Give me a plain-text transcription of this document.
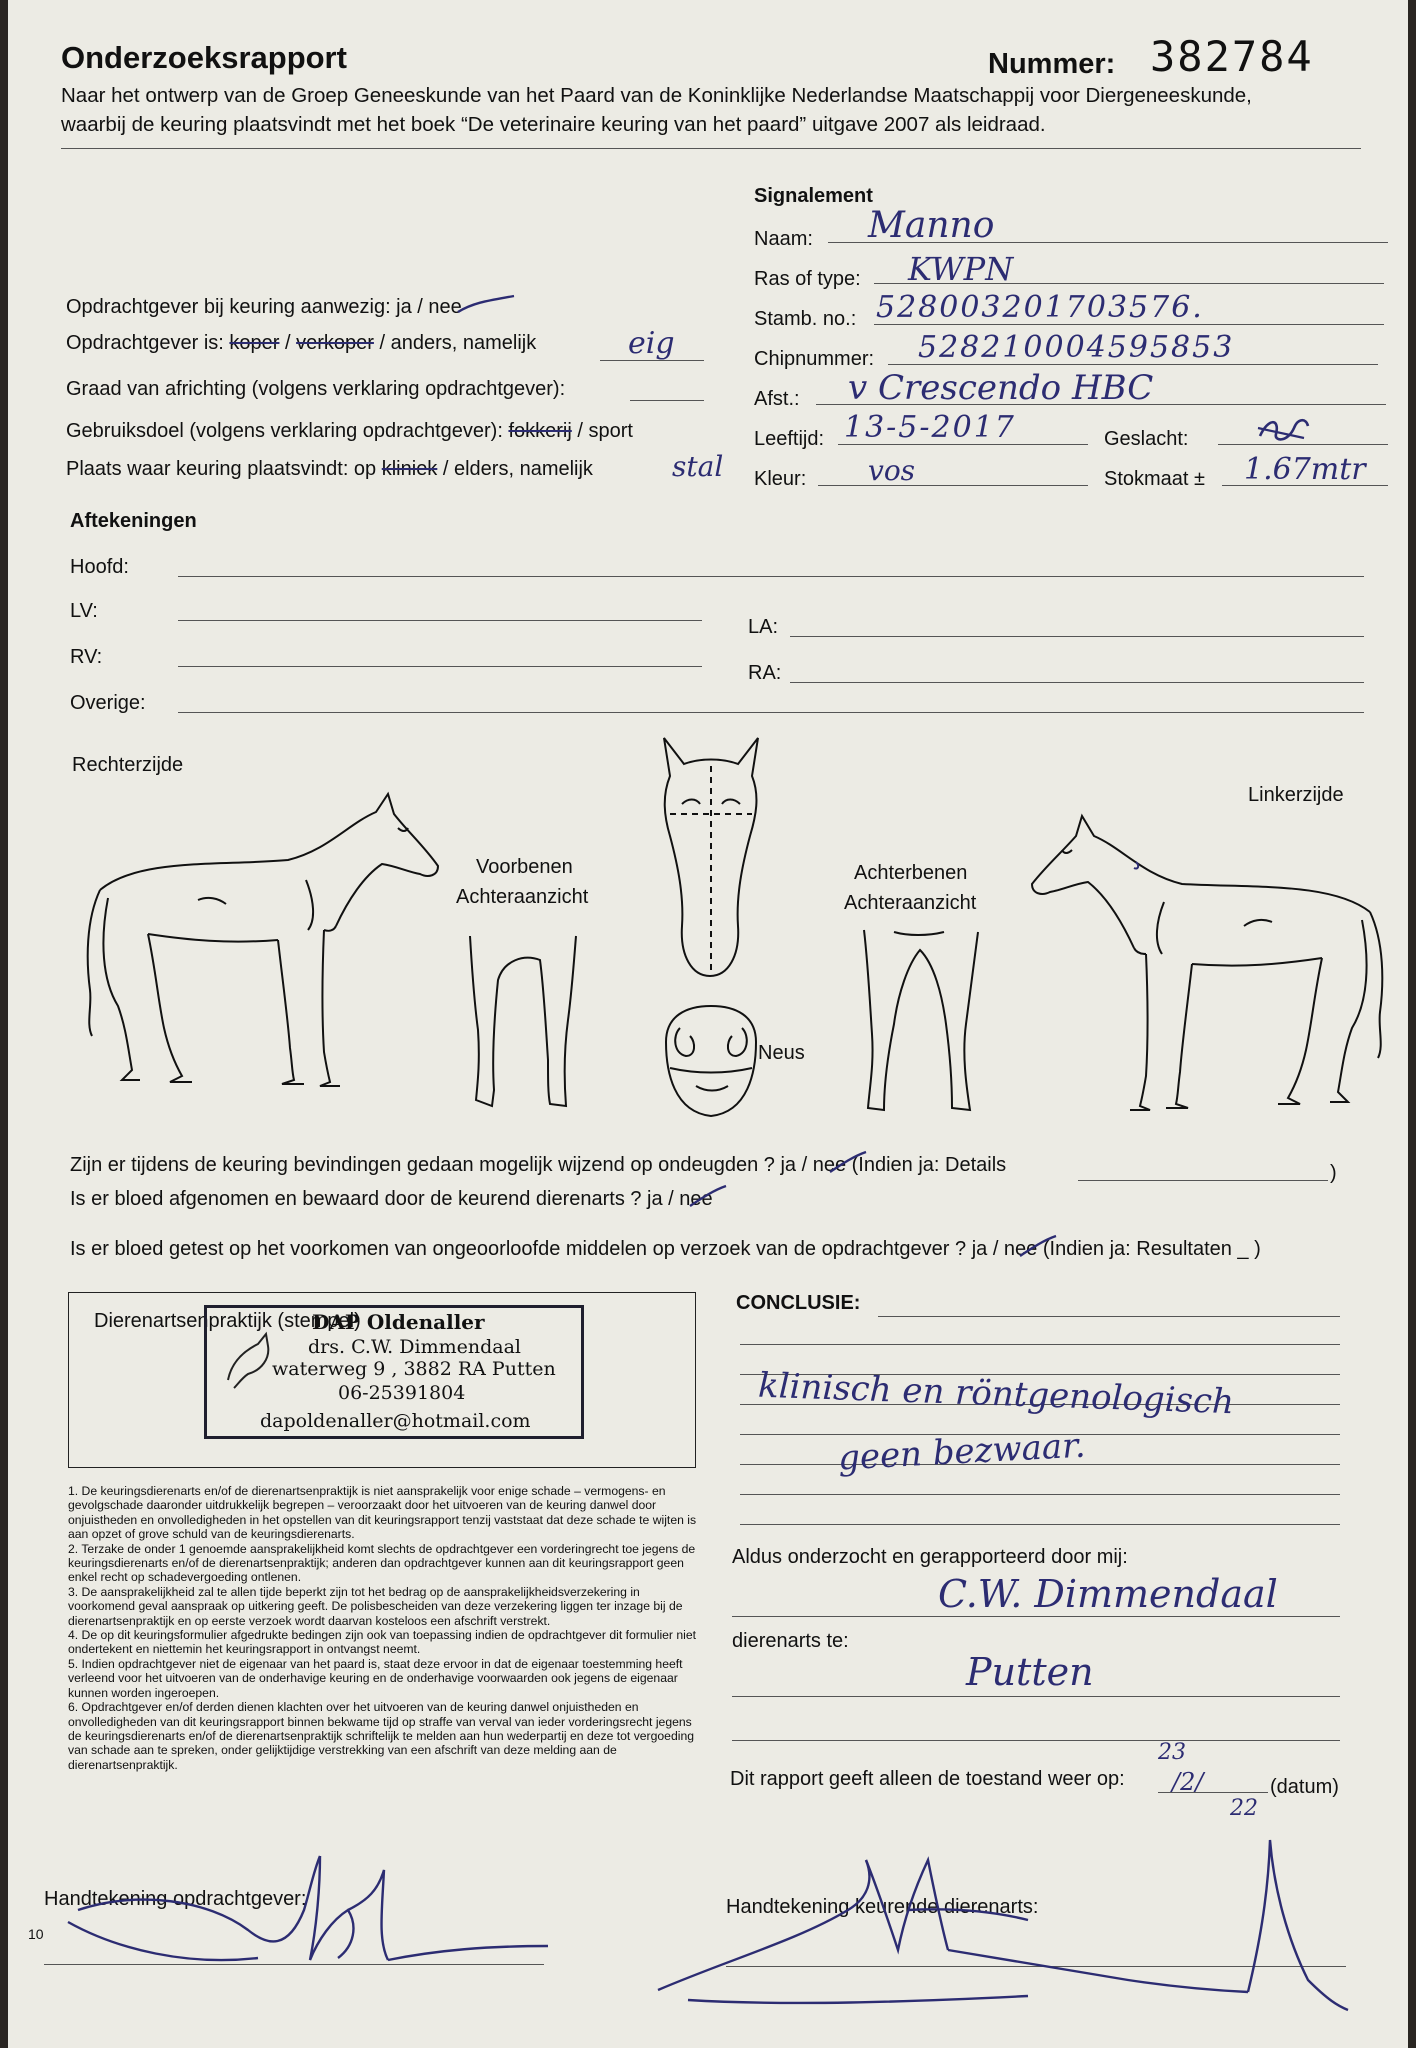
Onderzoeksrapport	Nummer: 382784
Naar het ontwerp van de Groep Geneeskunde van het Paard van de Koninklijke Nederlandse Maatschappij voor Diergeneeskunde,
waarbij de keuring plaatsvindt met het boek “De veterinaire keuring van het paard” uitgave 2007 als leidraad.
Signalement
Naam: Manno
Ras of type: KWPN
Stamb. no.: 528003201703576.
Chipnummer: 528210004595853
Afst.: v Crescendo HBC
Leeftijd: 13-5-2017	Geslacht:
Kleur: vos	Stokmaat ± 1.67mtr
Opdrachtgever bij keuring aanwezig: ja / nee
Opdrachtgever is: koper / verkoper / anders, namelijk	eig
Graad van africhting (volgens verklaring opdrachtgever):
Gebruiksdoel (volgens verklaring opdrachtgever): fokkerij / sport
Plaats waar keuring plaatsvindt: op kliniek / elders, namelijk	stal
Aftekeningen
Hoofd:
LV:
LA:
RV:
RA:
Overige:
Rechterzijde
Linkerzijde
Voorbenen
Achteraanzicht
Achterbenen
Achteraanzicht
Neus
Zijn er tijdens de keuring bevindingen gedaan mogelijk wijzend op ondeugden ? ja / nee (Indien ja: Details	)
Is er bloed afgenomen en bewaard door de keurend dierenarts ? ja / nee
Is er bloed getest op het voorkomen van ongeoorloofde middelen op verzoek van de opdrachtgever ? ja / nee (Indien ja: Resultaten _ )
Dierenartsenpraktijk (stempel)
DAP Oldenaller
drs. C.W. Dimmendaal
waterweg 9 , 3882 RA Putten
06-25391804
dapoldenaller@hotmail.com
CONCLUSIE:
klinisch en röntgenologisch
geen bezwaar.
1. De keuringsdierenarts en/of de dierenartsenpraktijk is niet aansprakelijk voor enige schade – vermogens- en gevolgschade daaronder uitdrukkelijk begrepen – veroorzaakt door het uitvoeren van de keuring danwel door onjuistheden en onvolledigheden in het opstellen van dit keuringsrapport tenzij vaststaat dat deze schade te wijten is aan opzet of grove schuld van de keuringsdierenarts.
2. Terzake de onder 1 genoemde aansprakelijkheid komt slechts de opdrachtgever een vorderingrecht toe jegens de keuringsdierenarts en/of de dierenartsenpraktijk; anderen dan opdrachtgever kunnen aan dit keuringsrapport geen enkel recht op schadevergoeding ontlenen.
3. De aansprakelijkheid zal te allen tijde beperkt zijn tot het bedrag op de aansprakelijkheidsverzekering in voorkomend geval aanspraak op uitkering geeft. De polisbescheiden van deze verzekering liggen ter inzage bij de dierenartsenpraktijk en op eerste verzoek wordt daarvan kosteloos een afschrift verstrekt.
4. De op dit keuringsformulier afgedrukte bedingen zijn ook van toepassing indien de opdrachtgever dit formulier niet ondertekent en niettemin het keuringsrapport in ontvangst neemt.
5. Indien opdrachtgever niet de eigenaar van het paard is, staat deze ervoor in dat de eigenaar toestemming heeft verleend voor het uitvoeren van de onderhavige keuring en de onderhavige voorwaarden ook jegens de eigenaar kunnen worden ingeroepen.
6. Opdrachtgever en/of derden dienen klachten over het uitvoeren van de keuring danwel onjuistheden en onvolledigheden van dit keuringsrapport binnen bekwame tijd op straffe van verval van ieder vorderingsrecht jegens de keuringsdierenarts en/of de dierenartsenpraktijk schriftelijk te melden aan hun wederpartij en deze tot vergoeding van schade aan te spreken, onder gelijktijdige verstrekking van een afschrift van deze melding aan de dierenartsenpraktijk.
Aldus onderzocht en gerapporteerd door mij:
C.W. Dimmendaal
dierenarts te:
Putten
Dit rapport geeft alleen de toestand weer op:
23
/2/
22
(datum)
Handtekening opdrachtgever:
10
Handtekening keurende dierenarts:
